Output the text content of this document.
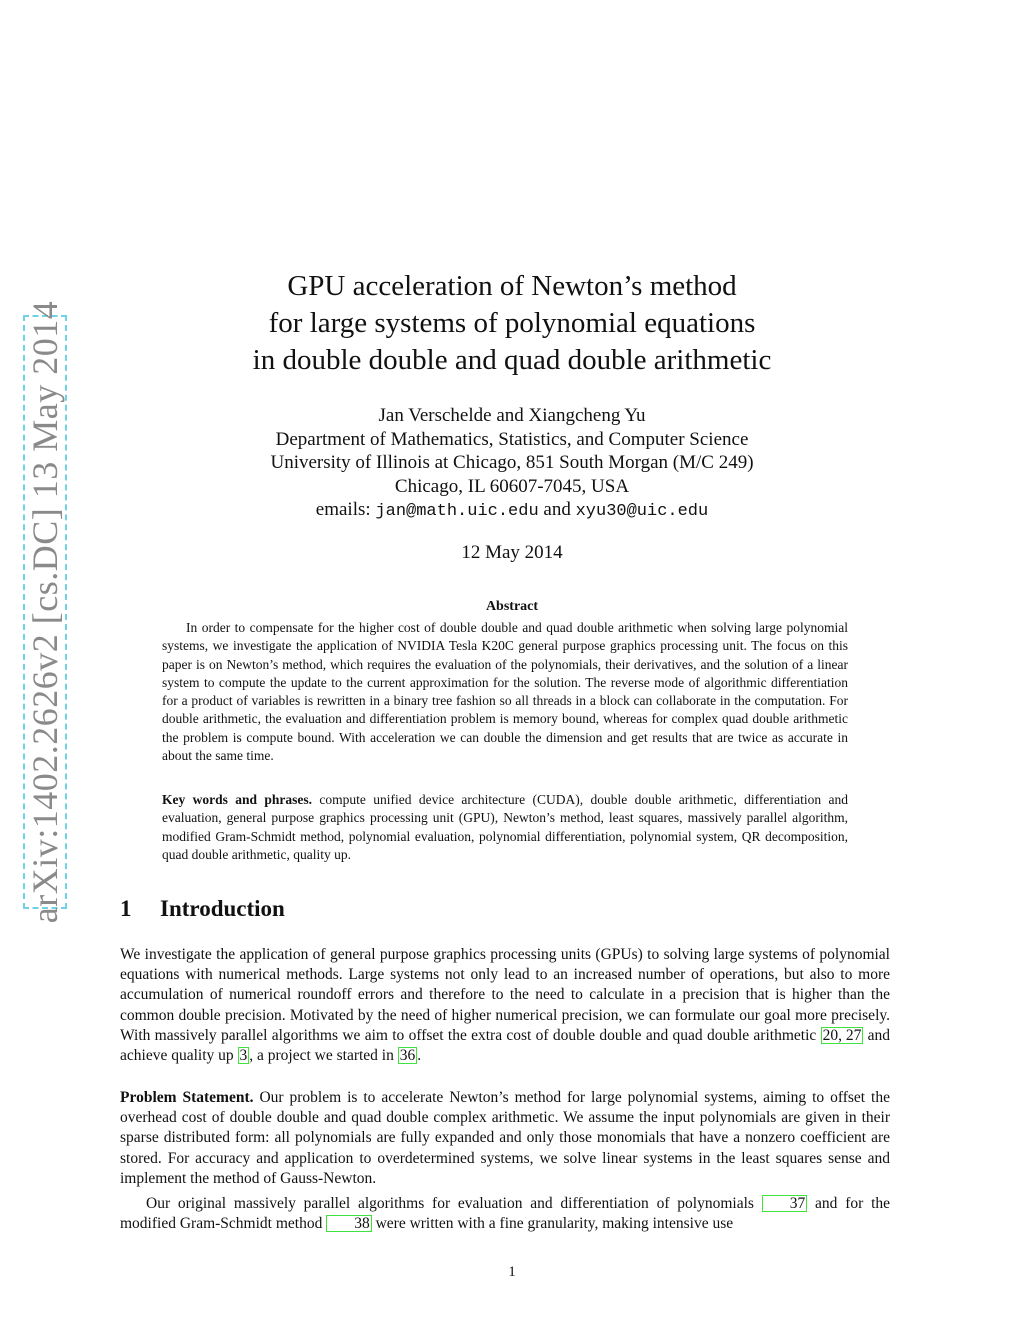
arXiv:1402.2626v2 [cs.DC] 13 May 2014
GPU acceleration of Newton’s method
for large systems of polynomial equations
in double double and quad double arithmetic
Jan Verschelde and Xiangcheng Yu
Department of Mathematics, Statistics, and Computer Science
University of Illinois at Chicago, 851 South Morgan (M/C 249)
Chicago, IL 60607-7045, USA
emails: jan@math.uic.edu and xyu30@uic.edu
12 May 2014
Abstract
In order to compensate for the higher cost of double double and quad double arithmetic when solving large polynomial systems, we investigate the application of NVIDIA Tesla K20C general purpose graphics processing unit. The focus on this paper is on Newton’s method, which requires the evaluation of the polynomials, their derivatives, and the solution of a linear system to compute the update to the current approximation for the solution. The reverse mode of algorithmic differentiation for a product of variables is rewritten in a binary tree fashion so all threads in a block can collaborate in the computation. For double arithmetic, the evaluation and differentiation problem is memory bound, whereas for complex quad double arithmetic the problem is compute bound. With acceleration we can double the dimension and get results that are twice as accurate in about the same time.
Key words and phrases. compute unified device architecture (CUDA), double double arithmetic, differentiation and evaluation, general purpose graphics processing unit (GPU), Newton’s method, least squares, massively parallel algorithm, modified Gram-Schmidt method, polynomial evaluation, polynomial differentiation, polynomial system, QR decomposition, quad double arithmetic, quality up.
1 Introduction
We investigate the application of general purpose graphics processing units (GPUs) to solving large systems of polynomial equations with numerical methods. Large systems not only lead to an increased number of operations, but also to more accumulation of numerical roundoff errors and therefore to the need to calculate in a precision that is higher than the common double precision. Motivated by the need of higher numerical precision, we can formulate our goal more precisely. With massively parallel algorithms we aim to offset the extra cost of double double and quad double arithmetic 20, 27 and achieve quality up 3 , a project we started in 36 .
Problem Statement. Our problem is to accelerate Newton’s method for large polynomial systems, aiming to offset the overhead cost of double double and quad double complex arithmetic. We assume the input polynomials are given in their sparse distributed form: all polynomials are fully expanded and only those monomials that have a nonzero coefficient are stored. For accuracy and application to overdetermined systems, we solve linear systems in the least squares sense and implement the method of Gauss-Newton.
Our original massively parallel algorithms for evaluation and differentiation of polynomials 37 and for the modified Gram-Schmidt method 38 were written with a fine granularity, making intensive use
1
